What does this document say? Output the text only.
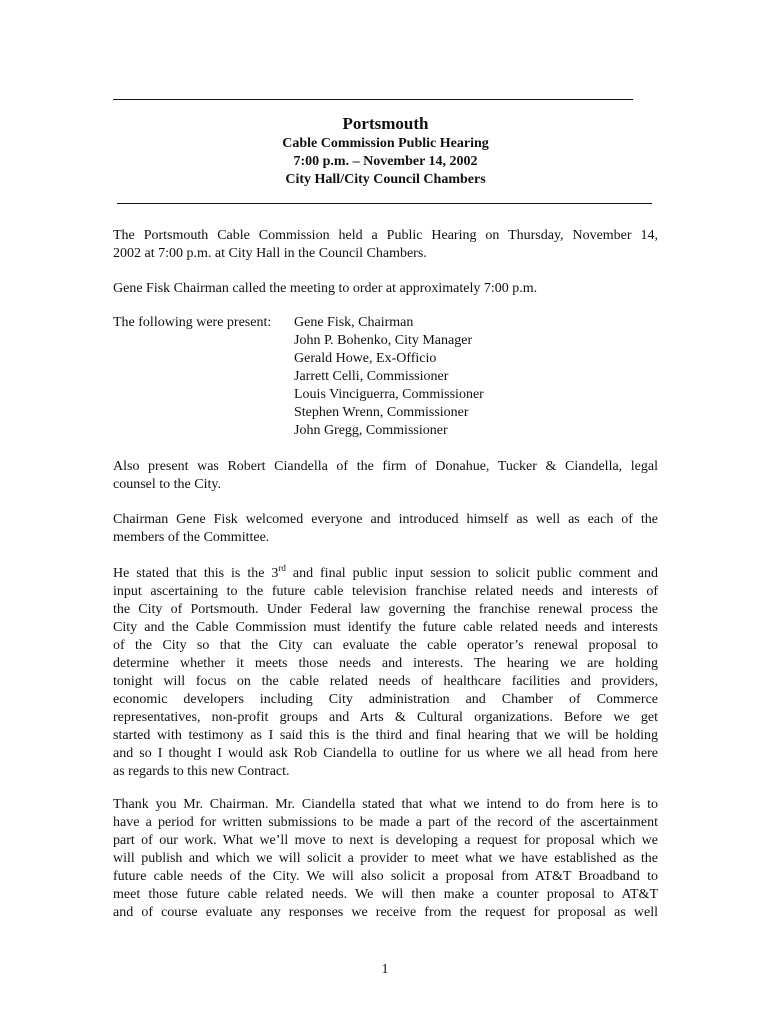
Portsmouth
Cable Commission Public Hearing
7:00 p.m. – November 14, 2002
City Hall/City Council Chambers
The Portsmouth Cable Commission held a Public Hearing on Thursday, November 14,
2002 at 7:00 p.m. at City Hall in the Council Chambers.
Gene Fisk Chairman called the meeting to order at approximately 7:00 p.m.
The following were present: Gene Fisk, Chairman
John P. Bohenko, City Manager
Gerald Howe, Ex-Officio
Jarrett Celli, Commissioner
Louis Vinciguerra, Commissioner
Stephen Wrenn, Commissioner
John Gregg, Commissioner
Also present was Robert Ciandella of the firm of Donahue, Tucker & Ciandella, legal
counsel to the City.
Chairman Gene Fisk welcomed everyone and introduced himself as well as each of the
members of the Committee.
He stated that this is the 3rd and final public input session to solicit public comment and
input ascertaining to the future cable television franchise related needs and interests of
the City of Portsmouth. Under Federal law governing the franchise renewal process the
City and the Cable Commission must identify the future cable related needs and interests
of the City so that the City can evaluate the cable operator’s renewal proposal to
determine whether it meets those needs and interests. The hearing we are holding
tonight will focus on the cable related needs of healthcare facilities and providers,
economic developers including City administration and Chamber of Commerce
representatives, non-profit groups and Arts & Cultural organizations. Before we get
started with testimony as I said this is the third and final hearing that we will be holding
and so I thought I would ask Rob Ciandella to outline for us where we all head from here
as regards to this new Contract.
Thank you Mr. Chairman. Mr. Ciandella stated that what we intend to do from here is to
have a period for written submissions to be made a part of the record of the ascertainment
part of our work. What we’ll move to next is developing a request for proposal which we
will publish and which we will solicit a provider to meet what we have established as the
future cable needs of the City. We will also solicit a proposal from AT&T Broadband to
meet those future cable related needs. We will then make a counter proposal to AT&T
and of course evaluate any responses we receive from the request for proposal as well
1
